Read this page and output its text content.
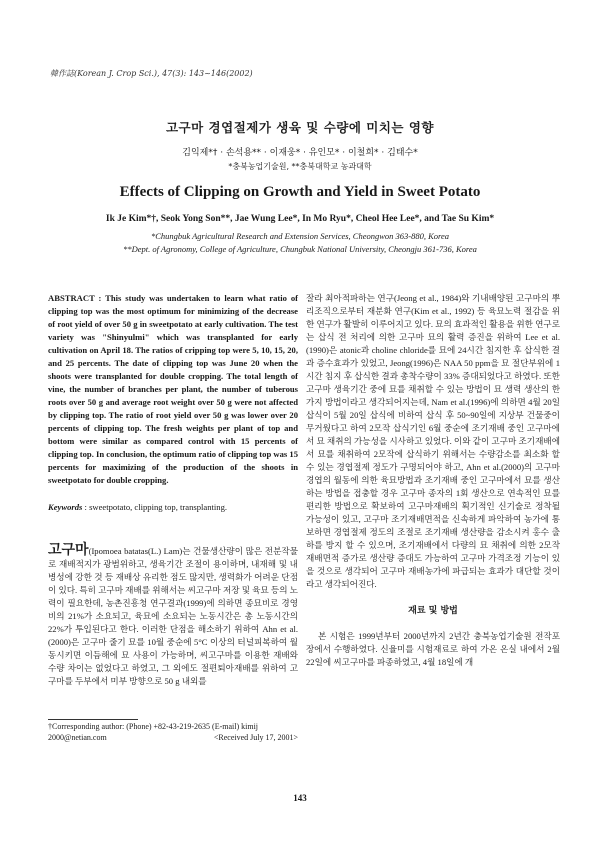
韓作誌(Korean J. Crop Sci.), 47(3): 143~146(2002)
고구마 경엽절제가 생육 및 수량에 미치는 영향
김익제*† · 손석용** · 이재웅* · 유인모* · 이철희* · 김태수*
*충북농업기술원, **충북대학교 농과대학
Effects of Clipping on Growth and Yield in Sweet Potato
Ik Je Kim*†, Seok Yong Son**, Jae Wung Lee*, In Mo Ryu*, Cheol Hee Lee*, and Tae Su Kim*
*Chungbuk Agricultural Research and Extension Services, Cheongwon 363-880, Korea
**Dept. of Agronomy, College of Agriculture, Chungbuk National University, Cheongju 361-736, Korea
ABSTRACT : This study was undertaken to learn what ratio of clipping top was the most optimum for minimizing of the decrease of root yield of over 50 g in sweetpotato at early cultivation. The test variety was "Shinyulmi" which was transplanted for early cultivation on April 18. The ratios of cripping top were 5, 10, 15, 20, and 25 percents. The date of clipping top was June 20 when the shoots were transplanted for double cropping. The total length of vine, the number of branches per plant, the number of tuberous roots over 50 g and average root weight over 50 g were not affected by clipping top. The ratio of root yield over 50 g was lower over 20 percents of clipping top. The fresh weights per plant of top and bottom were similar as compared control with 15 percents of clipping top. In conclusion, the optimum ratio of clipping top was 15 percents for maximizing of the production of the shoots in sweetpotato for double cropping.
Keywords : sweetpotato, clipping top, transplanting.
고구마(Ipomoea batatas(L.) Lam)는 건물생산량이 많은 전분작물로 재배적지가 광범위하고, 생육기간 조절이 용이하며, 내재해 및 내병성에 강한 것 등 재배상 유리한 점도 많지만, 생력화가 어려운 단점이 있다. 특히 고구마 재배를 위해서는 씨고구마 저장 및 육묘 등의 노력이 필요한데, 농촌진흥청 연구결과(1999)에 의하면 종묘비로 경영비의 21%가 소요되고, 육묘에 소요되는 노동시간은 총 노동시간의 22%가 투입된다고 한다. 이러한 단점을 해소하기 위하여 Ahn et al.(2000)은 고구마 줄기 묘를 10월 중순에 5°C 이상의 터널피복하여 월동시키면 이듬해에 묘 사용이 가능하며, 씨고구마를 이용한 재배와 수량 차이는 없었다고 하였고, 그 외에도 절편퇴아재배를 위하여 고구마를 두부에서 미부 방향으로 50 g 내외를
잘라 최아적파하는 연구(Jeong et al., 1984)와 기내배양된 고구마의 뿌리조직으로부터 재분화 연구(Kim et al., 1992) 등 육묘노력 절감을 위한 연구가 활발히 이루어지고 있다. 묘의 효과적인 활용을 위한 연구로는 삽식 전 처리에 의한 고구마 묘의 활력 증진을 위하여 Lee et al.(1990)은 atonic과 choline chloride를 묘에 24시간 침지한 후 삽식한 결과 증수효과가 있었고, Jeong(1996)은 NAA 50 ppm을 묘 절단부위에 1시간 침지 후 삽식한 결과 총착수량이 33% 증대되었다고 하였다. 또한 고구마 생육기간 중에 묘를 채취할 수 있는 방법이 묘 생력 생산의 한가지 방법이라고 생각되어지는데, Nam et al.(1996)에 의하면 4월 20일 삽식이 5월 20일 삽식에 비하여 삽식 후 50~90일에 지상부 건물중이 무거웠다고 하여 2모작 삽식기인 6월 중순에 조기재배 중인 고구마에서 묘 채취의 가능성을 시사하고 있었다. 이와 같이 고구마 조기재배에서 묘를 채취하여 2모작에 삽식하기 위해서는 수량감소를 최소화 할 수 있는 경엽절제 정도가 구명되어야 하고, Ahn et al.(2000)의 고구마 경엽의 월동에 의한 육묘방법과 조기재배 중인 고구마에서 묘를 생산하는 방법을 접충할 경우 고구마 종자의 1회 생산으로 연속적인 묘를 편리한 방법으로 확보하여 고구마재배의 획기적인 신기술로 정착될 가능성이 있고, 고구마 조기재배면적을 신속하게 파악하여 농가에 통보하면 경엽절제 정도의 조절로 조기재배 생산량을 감소시켜 홍수 출하를 방지 할 수 있으며, 조기재배에서 다량의 묘 채취에 의한 2모작 재배면적 증가로 생산량 증대도 가능하여 고구마 가격조정 기능이 있을 것으로 생각되어 고구마 재배농가에 파급되는 효과가 대단할 것이라고 생각되어진다.
재료 및 방법
본 시험은 1999년부터 2000년까지 2년간 충북농업기술원 전작포장에서 수행하였다. 신율미를 시험재료로 하여 가온 온실 내에서 2월 22일에 씨고구마를 파종하였고, 4월 18일에 개
†Corresponding author: (Phone) +82-43-219-2635 (E-mail) kimij
2000@netian.com	<Received July 17, 2001>
143
